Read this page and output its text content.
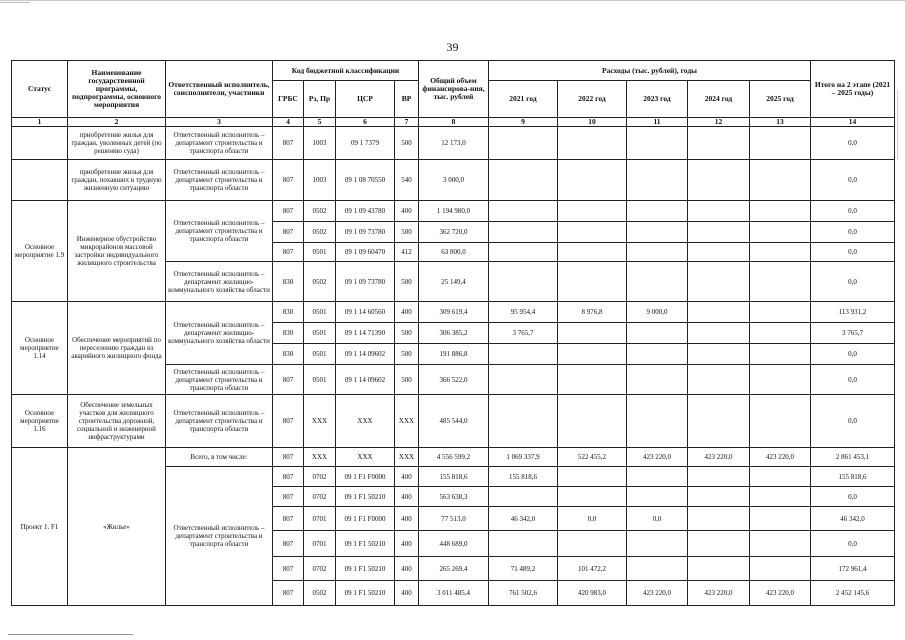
39
Статус	Наименование государственной программы, подпрограммы, основного мероприятия	Ответственный исполнитель, соисполнители, участники	Код бюджетной классификации				Общий объем финансирова-ния, тыс. рублей	Расходы (тыс. рублей), годы					Итого на 2 этапе (2021 – 2025 годы)
			ГРБС	Рз, Пр	ЦСР	ВР		2021 год	2022 год	2023 год	2024 год	2025 год	
1	2	3	4	5	6	7	8	9	10	11	12	13	14
	приобретение жилья для граждан, уволенных детей (по решению суда)	Ответственный исполнитель – департамент строительства и транспорта области	807	1003	09 1 7379	500	12 173,0						0,0
	приобретение жилья для граждан, похавших в трудную жизненную ситуацию	Ответственный исполнитель – департамент строительства и транспорта области	807	1003	09 1 08 70550	540	3 000,0						0,0
Основное мероприятие 1.9	Инженерное обустройство микрорайонов массовой застройки индивидуального жилищного строительства	Ответственный исполнитель – департамент строительства и транспорта области	807	0502	09 1 09 43780	400	1 194 980,0						0,0
			807	0502	09 1 09 73780	500	362 720,0						0,0
			807	0501	09 1 09 60470	412	63 800,0						0,0
		Ответственный исполнитель – департамент жилищно-коммунального хозяйства области	830	0502	09 1 09 73780	500	25 149,4						0,0
Основное мероприятие 1.14	Обеспечение мероприятий по переселению граждан из аварийного жилищного фонда	Ответственный исполнитель – департамент жилищно-коммунального хозяйства области	830	0501	09 1 14 60560	400	309 619,4	95 954,4	8 976,8	9 000,0			113 931,2
			830	0501	09 1 14 71390	500	306 385,2	3 765,7					3 765,7
			830	0501	09 1 14 09602	500	191 886,8						0,0
		Ответственный исполнитель – департамент строительства и транспорта области	807	0501	09 1 14 09602	500	366 522,0						0,0
Основное мероприятие 1.16	Обеспечение земельных участков для жилищного строительства дорожной, социальной и инженерной инфраструктурами	Ответственный исполнитель – департамент строительства и транспорта области	807	XXX	XXX	XXX	485 544,0						0,0
Проект 1. F1	«Жилье»	Всего, в том числе:	807	XXX	XXX	XXX	4 556 599,2	1 069 337,9	522 455,2	423 220,0	423 220,0	423 220,0	2 861 453,1
		Ответственный исполнитель – департамент строительства и транспорта области	807	0702	09 1 F1 F0000	400	155 818,6	155 818,6					155 818,6
			807	0702	09 1 F1 50210	400	563 638,3						0,0
			807	0701	09 1 F1 F0000	400	77 513,0	46 342,0	0,0	0,0			46 342,0
			807	0701	09 1 F1 50210	400	448 689,0						0,0
			807	0702	09 1 F1 50210	400	265 269,4	71 489,2	101 472,2				172 961,4
			807	0502	09 1 F1 50210	400	3 011 485,4	761 502,6	420 983,0	423 220,0	423 220,0	423 220,0	2 452 145,6
